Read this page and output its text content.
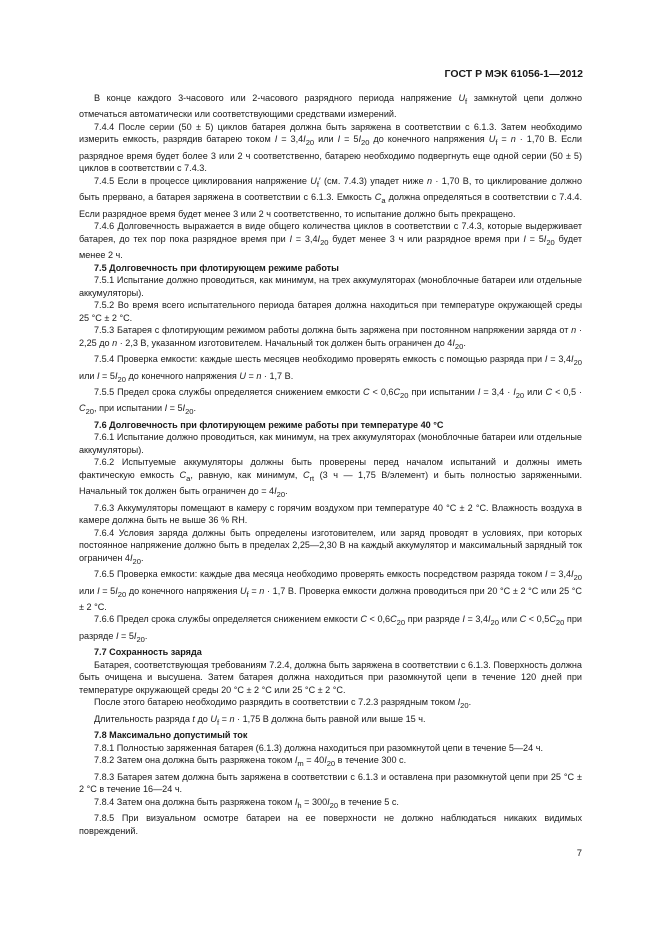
ГОСТ Р МЭК 61056-1—2012

В конце каждого 3-часового или 2-часового разрядного периода напряжение $U_f$ замкнутой цепи должно отмечаться автоматически или соответствующими средствами измерений.

7.4.4 После серии (50 ± 5) циклов батарея должна быть заряжена в соответствии с 6.1.3. Затем необходимо измерить емкость, разрядив батарею током $I = 3,4I_{20}$ или $I = 5I_{20}$ до конечного напряжения $U_f = n \cdot 1,70$ В. Если разрядное время будет более 3 или 2 ч соответственно, батарею необходимо подвергнуть еще одной серии (50 ± 5) циклов в соответствии с 7.4.3.

7.4.5 Если в процессе циклирования напряжение $U_f'$ (см. 7.4.3) упадет ниже n · 1,70 В, то циклирование должно быть прервано, а батарея заряжена в соответствии с 6.1.3. Емкость $C_a$ должна определяться в соответствии с 7.4.4. Если разрядное время будет менее 3 или 2 ч соответственно, то испытание должно быть прекращено.

7.4.6 Долговечность выражается в виде общего количества циклов в соответствии с 7.4.3, которые выдерживает батарея, до тех пор пока разрядное время при $I = 3,4I_{20}$ будет менее 3 ч или разрядное время при $I = 5I_{20}$ будет менее 2 ч.

7.5 Долговечность при флотирующем режиме работы

7.5.1 Испытание должно проводиться, как минимум, на трех аккумуляторах (моноблочные батареи или отдельные аккумуляторы).

7.5.2 Во время всего испытательного периода батарея должна находиться при температуре окружающей среды 25 °С ± 2 °С.

7.5.3 Батарея с флотирующим режимом работы должна быть заряжена при постоянном напряжении заряда от n · 2,25 до n · 2,3 В, указанном изготовителем. Начальный ток должен быть ограничен до $4I_{20}$.

7.5.4 Проверка емкости: каждые шесть месяцев необходимо проверять емкость с помощью разряда при $I = 3,4I_{20}$ или $I = 5I_{20}$ до конечного напряжения U = n · 1,7 В.

7.5.5 Предел срока службы определяется снижением емкости $C < 0,6C_{20}$ при испытании $I = 3,4 \cdot I_{20}$ или $C < 0,5 \cdot C_{20}$, при испытании $I = 5I_{20}$.

7.6 Долговечность при флотирующем режиме работы при температуре 40 °С

7.6.1 Испытание должно проводиться, как минимум, на трех аккумуляторах (моноблочные батареи или отдельные аккумуляторы).

7.6.2 Испытуемые аккумуляторы должны быть проверены перед началом испытаний и должны иметь фактическую емкость $C_a$, равную, как минимум, $C_{rt}$ (3 ч — 1,75 В/элемент) и быть полностью заряженными. Начальный ток должен быть ограничен до = $4I_{20}$.

7.6.3 Аккумуляторы помещают в камеру с горячим воздухом при температуре 40 °С ± 2 °С. Влажность воздуха в камере должна быть не выше 36 % RH.

7.6.4 Условия заряда должны быть определены изготовителем, или заряд проводят в условиях, при которых постоянное напряжение должно быть в пределах 2,25—2,30 В на каждый аккумулятор и максимальный зарядный ток ограничен $4I_{20}$.

7.6.5 Проверка емкости: каждые два месяца необходимо проверять емкость посредством разряда током $I = 3,4I_{20}$ или $I = 5I_{20}$ до конечного напряжения $U_f = n \cdot 1,7$ В. Проверка емкости должна проводиться при 20 °С ± 2 °С или 25 °С ± 2 °С.

7.6.6 Предел срока службы определяется снижением емкости $C < 0,6C_{20}$ при разряде $I = 3,4I_{20}$ или $C < 0,5C_{20}$ при разряде $I = 5I_{20}$.

7.7 Сохранность заряда

Батарея, соответствующая требованиям 7.2.4, должна быть заряжена в соответствии с 6.1.3. Поверхность должна быть очищена и высушена. Затем батарея должна находиться при разомкнутой цепи в течение 120 дней при температуре окружающей среды 20 °С ± 2 °С или 25 °С ± 2 °С.

После этого батарею необходимо разрядить в соответствии с 7.2.3 разрядным током $I_{20}$.

Длительность разряда t до $U_f = n \cdot 1,75$ В должна быть равной или выше 15 ч.

7.8 Максимально допустимый ток

7.8.1 Полностью заряженная батарея (6.1.3) должна находиться при разомкнутой цепи в течение 5—24 ч.

7.8.2 Затем она должна быть разряжена током $I_m = 40I_{20}$ в течение 300 с.

7.8.3 Батарея затем должна быть заряжена в соответствии с 6.1.3 и оставлена при разомкнутой цепи при 25 °С ± 2 °С в течение 16—24 ч.

7.8.4 Затем она должна быть разряжена током $I_h = 300I_{20}$ в течение 5 с.

7.8.5 При визуальном осмотре батареи на ее поверхности не должно наблюдаться никаких видимых повреждений.

7
